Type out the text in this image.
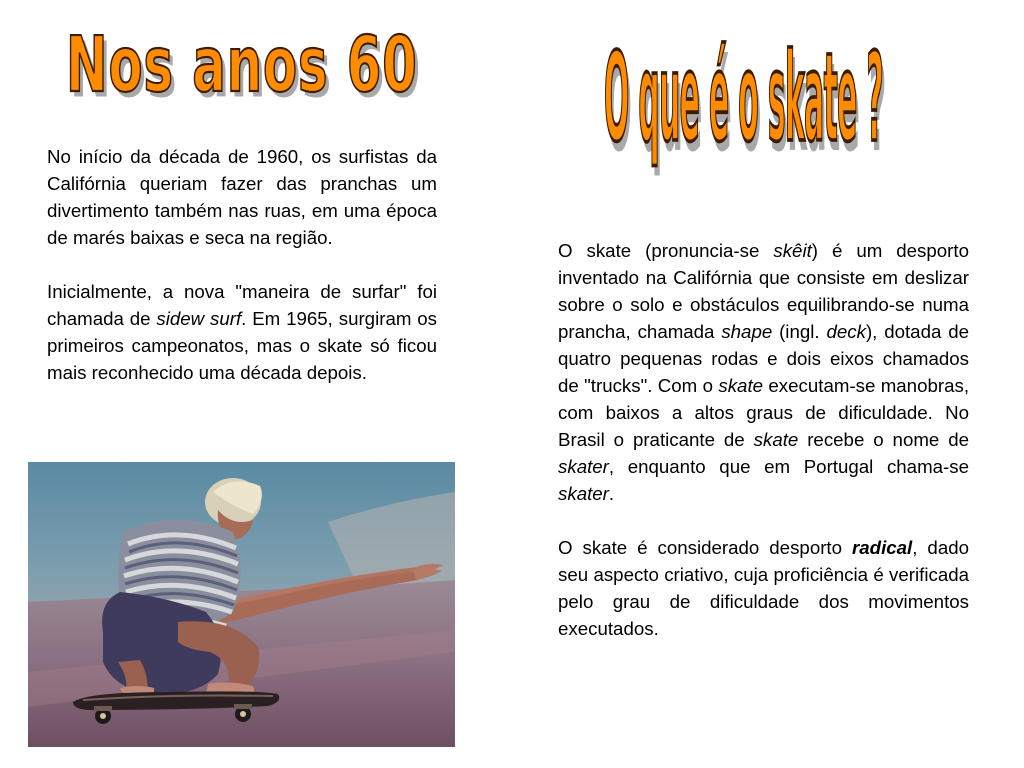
Nos anos 60	O que é o skate ?

No início da década de 1960, os surfistas da Califórnia queriam fazer das pranchas um divertimento também nas ruas, em uma época de marés baixas e seca na região.

Inicialmente, a nova "maneira de surfar" foi chamada de sidew surf. Em 1965, surgiram os primeiros campeonatos, mas o skate só ficou mais reconhecido uma década depois.

O skate (pronuncia-se skêit) é um desporto inventado na Califórnia que consiste em deslizar sobre o solo e obstáculos equilibrando-se numa prancha, chamada shape (ingl. deck), dotada de quatro pequenas rodas e dois eixos chamados de "trucks". Com o skate executam-se manobras, com baixos a altos graus de dificuldade. No Brasil o praticante de skate recebe o nome de skater, enquanto que em Portugal chama-se skater.

O skate é considerado desporto radical, dado seu aspecto criativo, cuja proficiência é verificada pelo grau de dificuldade dos movimentos executados.
